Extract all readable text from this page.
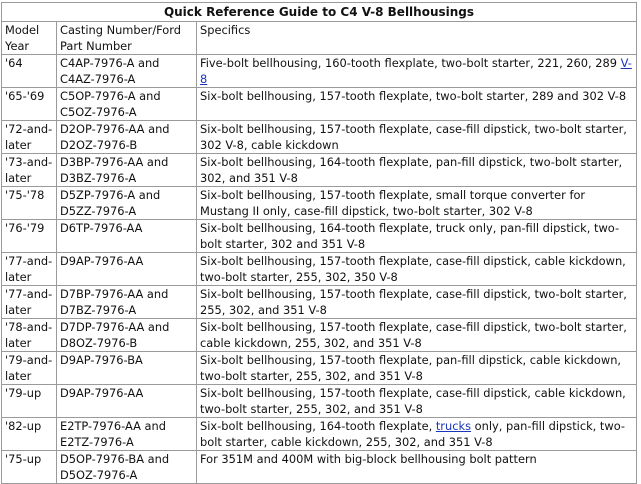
Quick Reference Guide to C4 V-8 Bellhousings		
Model Year	Casting Number/Ford Part Number	Specifics
'64	C4AP-7976-A and C4AZ-7976-A	Five-bolt bellhousing, 160-tooth flexplate, two-bolt starter, 221, 260, 289 V-8
'65-'69	C5OP-7976-A and C5OZ-7976-A	Six-bolt bellhousing, 157-tooth flexplate, two-bolt starter, 289 and 302 V-8
'72-and-later	D2OP-7976-AA and D2OZ-7976-B	Six-bolt bellhousing, 157-tooth flexplate, case-fill dipstick, two-bolt starter, 302 V-8, cable kickdown
'73-and-later	D3BP-7976-AA and D3BZ-7976-A	Six-bolt bellhousing, 164-tooth flexplate, pan-fill dipstick, two-bolt starter, 302, and 351 V-8
'75-'78	D5ZP-7976-A and D5ZZ-7976-A	Six-bolt bellhousing, 157-tooth flexplate, small torque converter for Mustang II only, case-fill dipstick, two-bolt starter, 302 V-8
'76-'79	D6TP-7976-AA	Six-bolt bellhousing, 164-tooth flexplate, truck only, pan-fill dipstick, two-bolt starter, 302 and 351 V-8
'77-and-later	D9AP-7976-AA	Six-bolt bellhousing, 157-tooth flexplate, case-fill dipstick, cable kickdown, two-bolt starter, 255, 302, 350 V-8
'77-and-later	D7BP-7976-AA and D7BZ-7976-A	Six-bolt bellhousing, 157-tooth flexplate, case-fill dipstick, two-bolt starter, 255, 302, and 351 V-8
'78-and-later	D7DP-7976-AA and D8OZ-7976-B	Six-bolt bellhousing, 157-tooth flexplate, case-fill dipstick, two-bolt starter, cable kickdown, 255, 302, and 351 V-8
'79-and-later	D9AP-7976-BA	Six-bolt bellhousing, 157-tooth flexplate, pan-fill dipstick, cable kickdown, two-bolt starter, 255, 302, and 351 V-8
'79-up	D9AP-7976-AA	Six-bolt bellhousing, 157-tooth flexplate, case-fill dipstick, cable kickdown, two-bolt starter, 255, 302, and 351 V-8
'82-up	E2TP-7976-AA and E2TZ-7976-A	Six-bolt bellhousing, 164-tooth flexplate, trucks only, pan-fill dipstick, two-bolt starter, cable kickdown, 255, 302, and 351 V-8
'75-up	D5OP-7976-BA and D5OZ-7976-A	For 351M and 400M with big-block bellhousing bolt pattern
